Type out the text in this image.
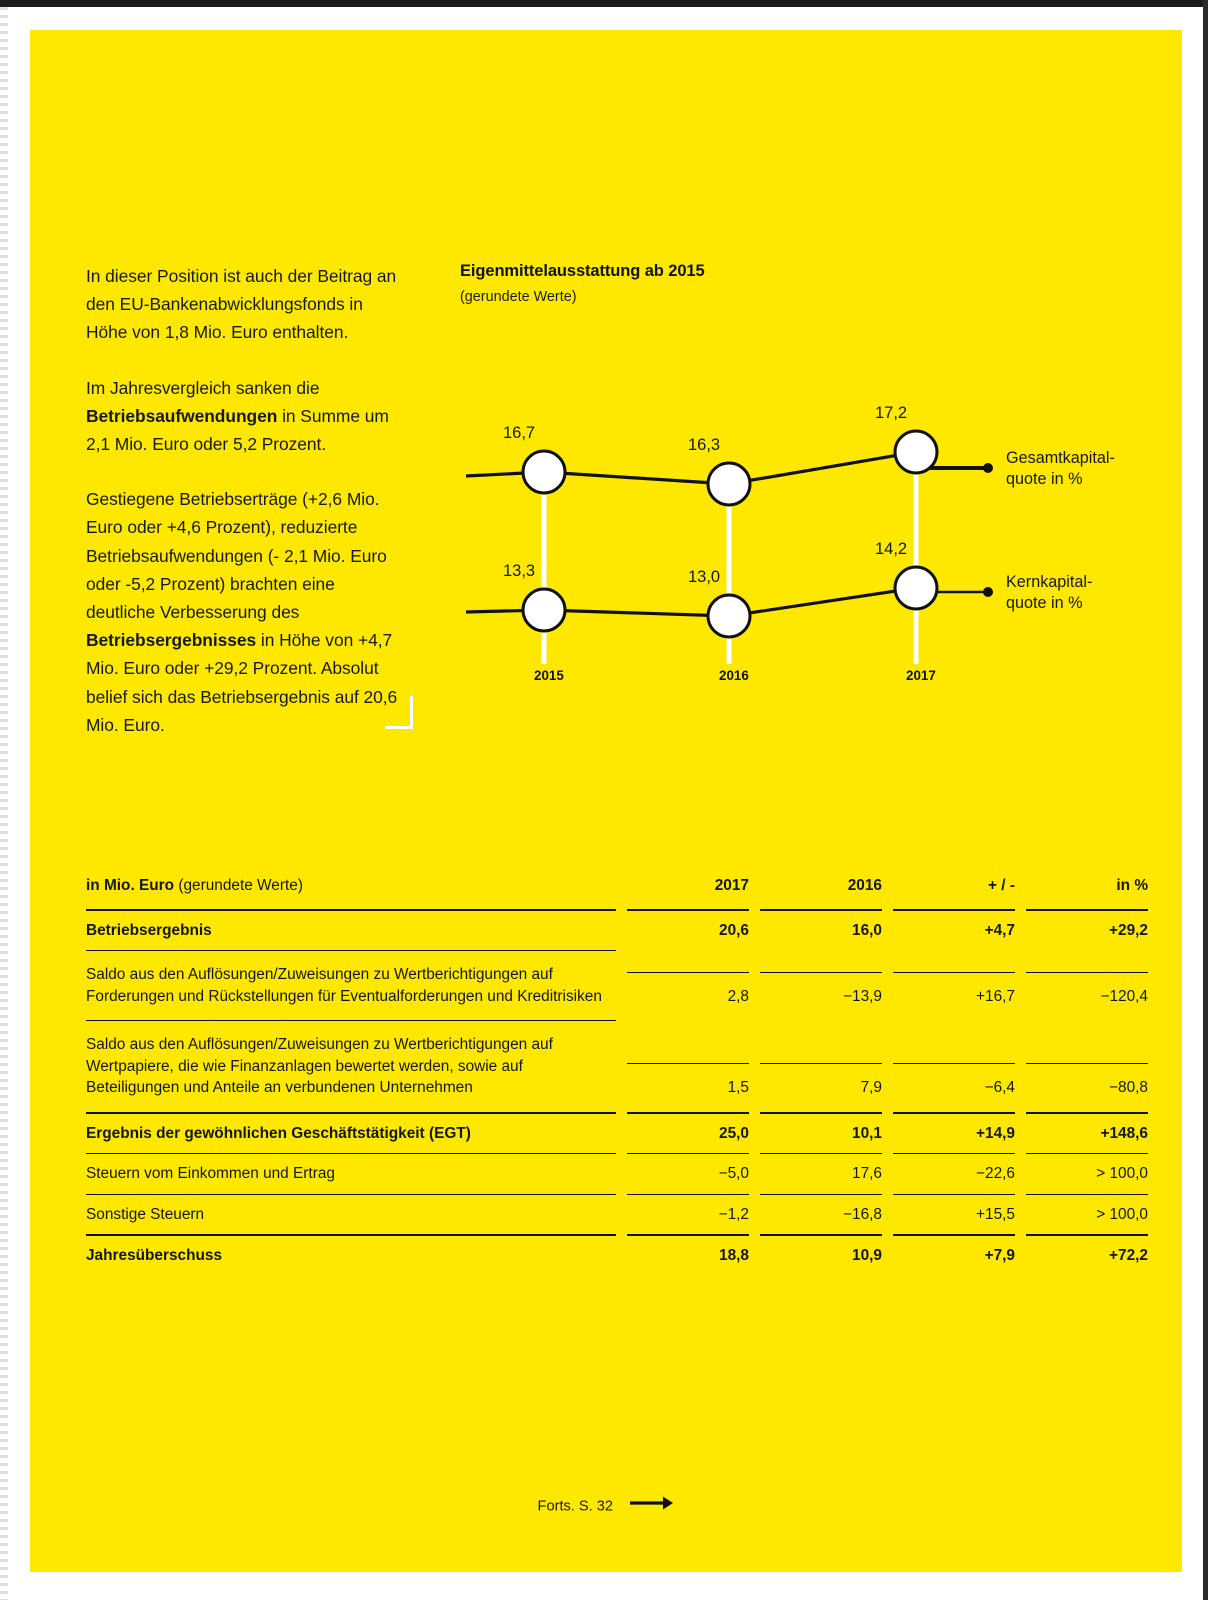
In dieser Position ist auch der Beitrag an den EU-Bankenabwicklungsfonds in Höhe von 1,8 Mio. Euro enthalten.

Im Jahresvergleich sanken die Betriebsaufwendungen in Summe um 2,1 Mio. Euro oder 5,2 Prozent.

Gestiegene Betriebserträge (+2,6 Mio. Euro oder +4,6 Prozent), reduzierte Betriebsaufwendungen (- 2,1 Mio. Euro oder -5,2 Prozent) brachten eine deutliche Verbesserung des Betriebsergebnisses in Höhe von +4,7 Mio. Euro oder +29,2 Prozent. Absolut belief sich das Betriebsergebnis auf 20,6 Mio. Euro.

Eigenmittelausstattung ab 2015
(gerundete Werte)
16,7
16,3
17,2
13,3	13,0
14,2
2015	2016	2017
Gesamtkapital-
quote in %
Kernkapital-
quote in %
in Mio. Euro (gerundete Werte)		2017		2016		+ / -		in %

Betriebsergebnis		20,6		16,0		+4,7		+29,2

Saldo aus den Auflösungen/Zuweisungen zu Wertberichtigungen auf Forderungen und Rückstellungen für Eventualforderungen und Kreditrisiken		2,8		−13,9		+16,7		−120,4

Saldo aus den Auflösungen/Zuweisungen zu Wertberichtigungen auf Wertpapiere, die wie Finanzanlagen bewertet werden, sowie auf Beteiligungen und Anteile an verbundenen Unternehmen		1,5		7,9		−6,4		−80,8

Ergebnis der gewöhnlichen Geschäftstätigkeit (EGT)		25,0		10,1		+14,9		+148,6

Steuern vom Einkommen und Ertrag		−5,0		17,6		−22,6		> 100,0

Sonstige Steuern		−1,2		−16,8		+15,5		> 100,0

Jahresüberschuss		18,8		10,9		+7,9		+72,2
Forts. S. 32
